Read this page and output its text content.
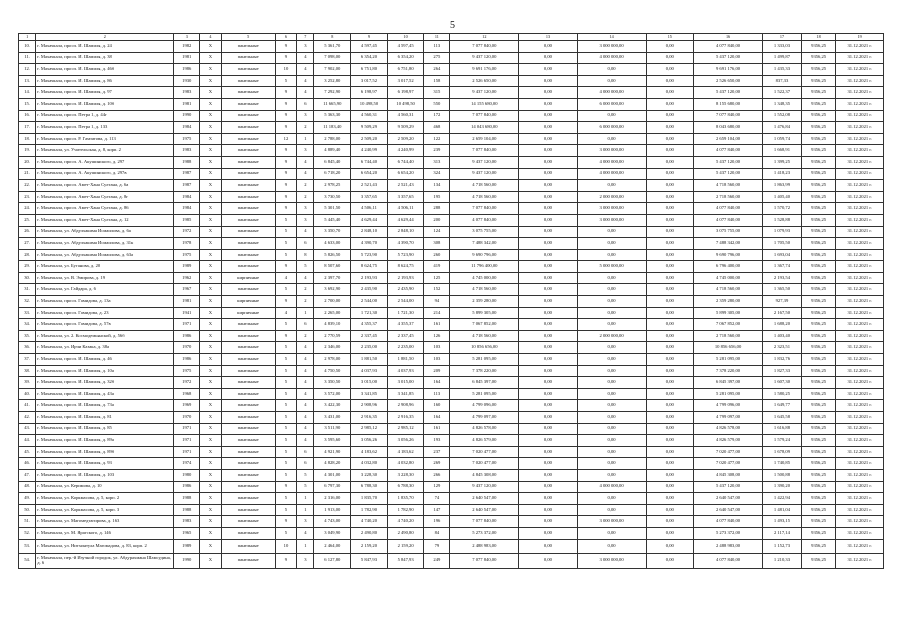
5
1	2	3	4	5	6	7	8	9	10	11	12	13	14	15	16	17	18	19
10.	г. Махачкала, просп. И. Шамиля, д. 24	1982	Х	панельные	9	3	5 361,70	4 597,45	4 597,45	113	7 077 840,00	0,00	3 000 000,00	0,00	4 077 840,00	1 333,03	9356,25	31.12.2021 г.
11.	г. Махачкала, просп. И. Шамиля, д. 38	1981	Х	панельные	9	4	7 098,00	6 354,20	6 354,20	275	9 437 120,00	0,00	4 000 000,00	0,00	5 437 120,00	1 499,87	9356,25	31.12.2021 г.
12.	г. Махачкала, просп. И. Шамиля, д. 46б	1986	Х	панельные	10	4	7 902,00	6 751,80	6 751,80	264	9 691 176,00	0,00	0,00	0,00	9 691 176,00	1 435,33	9356,25	31.12.2021 г.
13.	г. Махачкала, просп. И. Шамиля, д. 86	1930	Х	панельные	5	4	3 252,80	3 017,52	3 017,52	158	2 526 650,00	0,00	0,00	0,00	2 526 650,00	837,33	9356,25	31.12.2021 г.
14.	г. Махачкала, просп. И. Шамиля, д. 97	1983	Х	панельные	9	4	7 292,90	6 198,97	6 198,97	315	9 437 120,00	0,00	4 000 000,00	0,00	5 437 120,00	1 522,37	9356,25	31.12.2021 г.
15.	г. Махачкала, просп. И. Шамиля, д. 10б	1981	Х	панельные	9	6	11 665,90	10 498,50	10 498,50	550	14 155 680,00	0,00	6 000 000,00	0,00	8 155 680,00	1 348,35	9356,25	31.12.2021 г.
16.	г. Махачкала, просп. Петра 1, д. 44г	1990	Х	панельные	9	3	5 363,30	4 560,31	4 560,31	172	7 077 840,00	0,00	0,00	0,00	7 077 840,00	1 552,08	9356,25	31.12.2021 г.
17.	г. Махачкала, просп. Петра 1, д. 133	1984	Х	панельные	9	2	11 183,40	9 509,29	9 509,29	468	14 043 680,00	0,00	6 000 000,00	0,00	8 043 680,00	1 476,84	9356,25	31.12.2021 г.
18.	г. Махачкала, просп. Р. Гамзатова, д. 113	1975	Х	панельные	12	1	2 788,00	2 509,20	2 509,20	122	2 659 104,00	0,00	0,00	0,00	2 659 104,00	1 059,74	9356,25	31.12.2021 г.
19.	г. Махачкала, ул. Учительская, д. 8, корп. 2	1983	Х	панельные	9	3	4 889,40	4 240,99	4 240,99	239	7 077 840,00	0,00	3 000 000,00	0,00	4 077 840,00	1 668,91	9356,25	31.12.2021 г.
20.	г. Махачкала, просп. А. Акушинского, д. 297	1988	Х	панельные	9	4	6 845,40	6 744,40	6 744,40	313	9 437 120,00	0,00	4 000 000,00	0,00	5 437 120,00	1 399,25	9356,25	31.12.2021 г.
21.	г. Махачкала, просп. А. Акушинского, д. 297в	1987	Х	панельные	9	4	6 718,20	6 654,20	6 654,20	324	9 437 120,00	0,00	4 000 000,00	0,00	5 437 120,00	1 418,23	9356,25	31.12.2021 г.
22.	г. Махачкала, просп. Амет-Хана Султана, д. 6а	1987	Х	панельные	9	2	2 978,25	2 521,43	2 521,43	134	4 718 560,00	0,00	0,00	0,00	4 718 560,00	1 863,99	9356,25	31.12.2021 г.
23.	г. Махачкала, просп. Амет-Хана Султана, д. 8г	1984	Х	панельные	9	2	3 730,50	3 357,65	3 357,65	195	4 718 560,00	0,00	2 000 000,00	0,00	2 718 560,00	1 405,40	9356,25	31.12.2021 г.
24.	г. Махачкала, просп. Амет-Хана Султана, д. 86	1984	Х	панельные	9	3	5 301,50	4 506,11	4 506,11	288	7 077 840,00	0,00	3 000 000,00	0,00	4 077 840,00	1 570,72	9356,25	31.12.2021 г.
25.	г. Махачкала, просп. Амет-Хана Султана, д. 12	1985	Х	панельные	5	3	5 445,40	4 629,44	4 629,44	200	4 077 840,00	0,00	3 000 000,00	0,00	4 077 840,00	1 528,88	9356,25	31.12.2021 г.
26.	г. Махачкала, ул. Абдулхакима Исмаилова, д. 6а	1972	Х	панельные	5	4	3 350,70	2 848,10	2 848,10	124	3 075 755,00	0,00	0,00	0,00	3 075 755,00	1 079,93	9356,25	31.12.2021 г.
27.	г. Махачкала, ул. Абдулхакима Исмаилова, д. 31к	1978	Х	панельные	5	6	4 633,00	4 390,70	4 390,70	308	7 488 342,00	0,00	0,00	0,00	7 488 342,00	1 705,50	9356,25	31.12.2021 г.
28.	г. Махачкала, ул. Абдулхакима Исмаилова, д. 63а	1975	Х	панельные	5	8	5 826,50	5 723,90	5 723,90	260	9 690 796,00	0,00	0,00	0,00	9 690 796,00	1 693,04	9356,25	31.12.2021 г.
29.	г. Махачкала, ул. Буганова, д. 20	1989	Х	панельные	9	5	8 507,60	8 624,75	8 624,75	419	11 796 400,00	0,00	5 000 000,00	0,00	6 796 400,00	1 367,74	9356,25	31.12.2021 г.
30.	г. Махачкала, ул. В. Эмирова, д. 19	1962	Х	кирпичные	4	4	2 397,70	2 193,93	2 193,93	125	4 745 000,00	0,00	0,00	0,00	4 745 000,00	2 193,54	9356,25	31.12.2021 г.
31.	г. Махачкала, ул. Гайдара, д. 6	1967	Х	панельные	5	2	3 692,90	2 435,90	2 435,90	152	4 718 560,00	0,00	0,00	0,00	4 718 560,00	1 365,50	9356,25	31.12.2021 г.
32.	г. Махачкала, просп. Гамидова, д. 13а	1981	Х	кирпичные	9	2	2 700,00	2 544,00	2 544,00	94	2 359 280,00	0,00	0,00	0,00	2 359 280,00	927,39	9356,25	31.12.2021 г.
33.	г. Махачкала, просп. Гамидова, д. 23	1941	Х	кирпичные	4	1	2 265,00	1 721,30	1 721,30	214	5 899 305,00	0,00	0,00	0,00	5 899 305,00	2 167,50	9356,25	31.12.2021 г.
34.	г. Махачкала, просп. Гамидова, д. 57в	1971	Х	панельные	5	6	4 839,10	4 355,37	4 355,37	161	7 067 852,00	0,00	0,00	0,00	7 067 852,00	1 688,20	9356,25	31.12.2021 г.
35.	г. Махачкала, ул. 2. Космодемьянской, д. 56б	1986	Х	панельные	9	2	2 770,59	2 337,45	2 337,45	126	4 718 560,00	0,00	2 000 000,00	0,00	2 718 560,00	1 403,40	9356,25	31.12.2021 г.
36.	г. Махачкала, ул. Ирчи Казака, д. 38а	1970	Х	панельные	5	4	2 346,00	2 235,00	2 235,00	103	10 856 656,00	0,00	0,00	0,00	10 856 656,00	2 323,51	9356,25	31.12.2021 г.
37.	г. Махачкала, просп. И. Шамиля, д. 46	1986	Х	панельные	5	4	2 978,00	1 881,50	1 881,50	103	5 281 095,00	0,00	0,00	0,00	5 281 095,00	1 832,76	9356,25	31.12.2021 г.
38.	г. Махачкала, просп. И. Шамиля, д. 10а	1975	Х	панельные	5	4	4 750,50	4 037,93	4 037,93	209	7 378 220,00	0,00	0,00	0,00	7 378 220,00	1 827,33	9356,25	31.12.2021 г.
39.	г. Махачкала, просп. И. Шамиля, д. 32б	1972	Х	панельные	5	4	3 350,50	3 015,00	3 015,00	164	6 845 397,00	0,00	0,00	0,00	6 845 397,00	1 607,30	9356,25	31.12.2021 г.
40.	г. Махачкала, просп. И. Шамиля, д. 43а	1968	Х	панельные	5	4	3 572,00	3 341,85	3 341,85	113	5 281 095,00	0,00	0,00	0,00	5 281 095,00	1 580,25	9356,25	31.12.2021 г.
41.	г. Махачкала, просп. И. Шамиля, д. 73а	1969	Х	панельные	5	4	3 422,30	2 908,96	2 908,96	160	4 799 096,00	0,00	0,00	0,00	4 799 096,00	1 649,77	9356,25	31.12.2021 г.
42.	г. Махачкала, просп. И. Шамиля, д. 81	1970	Х	панельные	5	4	3 431,00	2 916,35	2 916,35	164	4 799 097,00	0,00	0,00	0,00	4 799 097,00	1 645,58	9356,25	31.12.2021 г.
43.	г. Махачкала, просп. И. Шамиля, д. 85	1971	Х	панельные	5	4	3 511,90	2 985,12	2 985,12	161	4 826 578,00	0,00	0,00	0,00	4 826 578,00	1 616,88	9356,25	31.12.2021 г.
44.	г. Махачкала, просп. И. Шамиля, д. 89а	1971	Х	панельные	5	4	3 595,60	3 056,26	3 056,26	193	4 826 579,00	0,00	0,00	0,00	4 826 579,00	1 579,24	9356,25	31.12.2021 г.
45.	г. Махачкала, просп. И. Шамиля, д. 89б	1971	Х	панельные	5	6	4 921,90	4 183,62	4 183,62	237	7 020 477,00	0,00	0,00	0,00	7 020 477,00	1 678,09	9356,25	31.12.2021 г.
46.	г. Махачкала, просп. И. Шамиля, д. 93	1974	Х	панельные	5	6	4 828,20	4 032,80	4 032,80	269	7 020 477,00	0,00	0,00	0,00	7 020 477,00	1 740,85	9356,25	31.12.2021 г.
47.	г. Махачкала, просп. И. Шамиля, д. 103	1980	Х	панельные	5	5	4 301,00	3 228,30	3 228,30	266	4 845 308,00	0,00	0,00	0,00	4 845 308,00	1 500,88	9356,25	31.12.2021 г.
48.	г. Махачкала, ул. Керимова, д. 10	1986	Х	панельные	9	5	6 797,30	6 788,30	6 788,30	129	9 437 120,00	0,00	4 000 000,00	0,00	5 437 120,00	1 390,20	9356,25	31.12.2021 г.
49.	г. Махачкала, ул. Коркмасова, д. 5, корп. 2	1988	Х	панельные	5	1	2 316,00	1 835,70	1 835,70	74	2 640 547,00	0,00	0,00	0,00	2 640 547,00	1 422,94	9356,25	31.12.2021 г.
50.	г. Махачкала, ул. Коркмасова, д. 5, корп. 3	1988	Х	панельные	5	1	1 913,00	1 782,90	1 782,90	147	2 640 547,00	0,00	0,00	0,00	2 640 547,00	1 481,04	9356,25	31.12.2021 г.
51.	г. Махачкала, ул. Магомедтагирова, д. 163	1983	Х	панельные	9	3	4 743,00	4 740,20	4 740,20	196	7 077 840,00	0,00	3 000 000,00	0,00	4 077 840,00	1 493,15	9356,25	31.12.2021 г.
52.	г. Махачкала, ул. М. Ярагского, д. 146	1965	Х	панельные	5	4	3 049,90	2 490,80	2 490,80	84	5 273 372,00	0,00	0,00	0,00	5 273 372,00	2 117,14	9356,25	31.12.2021 г.
53.	г. Махачкала, ул. Нитхинтула Магомадова, д. 83, корп. 2	1989	Х	панельные	10	1	2 464,00	2 159,20	2 159,20	79	2 488 983,00	0,00	0,00	0,00	2 488 983,00	1 152,73	9356,25	31.12.2021 г.
54.	г. Махачкала, пер.-й Изучной городок, ул. Абдурахмана Шамсудина, д. 6	1990	Х	панельные	9	3	6 127,80	5 847,93	5 847,93	249	7 077 840,00	0,00	3 000 000,00	0,00	4 077 840,00	1 210,33	9356,25	31.12.2021 г.
